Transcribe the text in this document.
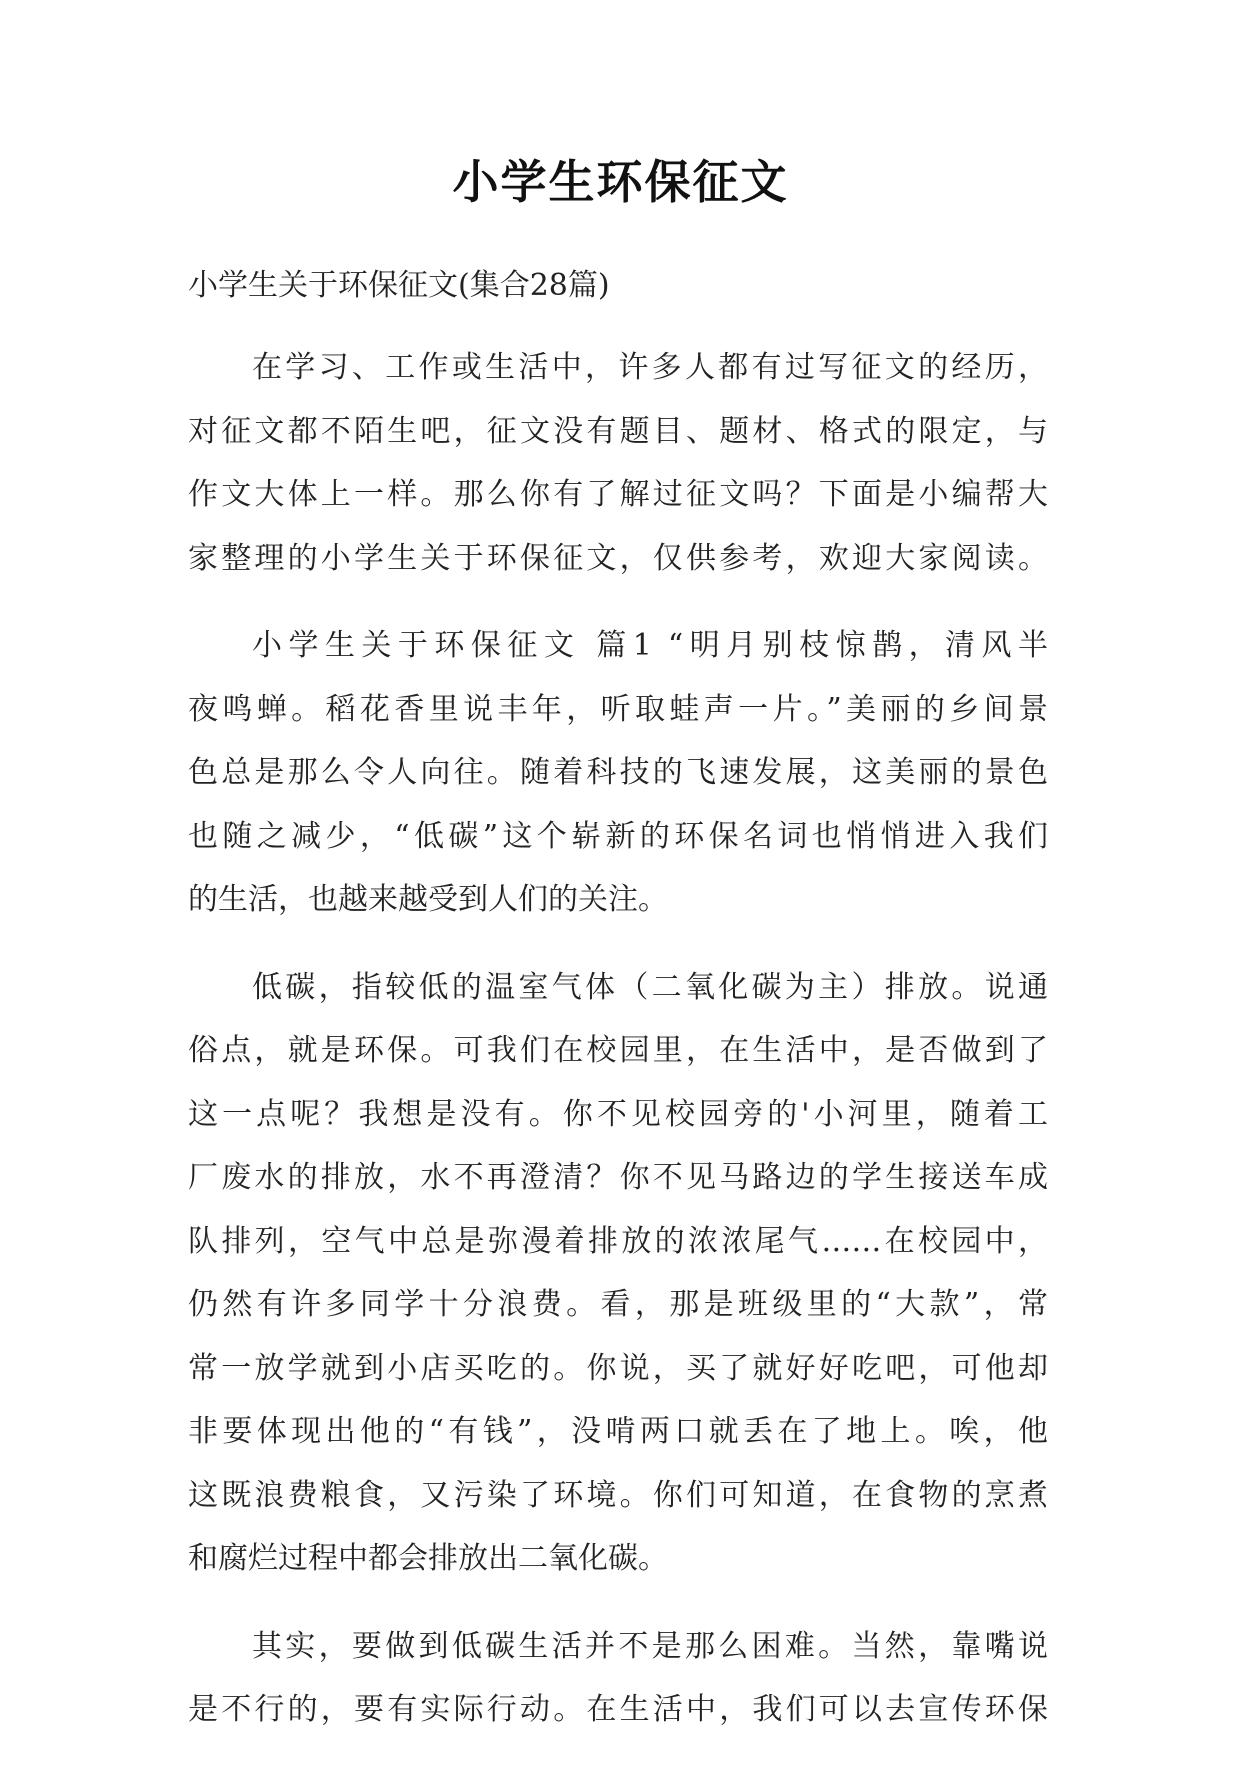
小学生环保征文
小学生关于环保征文(集合28篇)

在学习、工作或生活中，许多人都有过写征文的经历，
对征文都不陌生吧，征文没有题目、题材、格式的限定，与
作文大体上一样。那么你有了解过征文吗？下面是小编帮大
家整理的小学生关于环保征文，仅供参考，欢迎大家阅读。

小学生关于环保征文 篇1 “明月别枝惊鹊，清风半
夜鸣蝉。稻花香里说丰年，听取蛙声一片。”美丽的乡间景
色总是那么令人向往。随着科技的飞速发展，这美丽的景色
也随之减少，“低碳”这个崭新的环保名词也悄悄进入我们
的生活，也越来越受到人们的关注。

低碳，指较低的温室气体（二氧化碳为主）排放。说通
俗点，就是环保。可我们在校园里，在生活中，是否做到了
这一点呢？我想是没有。你不见校园旁的'小河里，随着工
厂废水的排放，水不再澄清？你不见马路边的学生接送车成
队排列，空气中总是弥漫着排放的浓浓尾气……在校园中，
仍然有许多同学十分浪费。看，那是班级里的“大款”，常
常一放学就到小店买吃的。你说，买了就好好吃吧，可他却
非要体现出他的“有钱”，没啃两口就丢在了地上。唉，他
这既浪费粮食，又污染了环境。你们可知道，在食物的烹煮
和腐烂过程中都会排放出二氧化碳。

其实，要做到低碳生活并不是那么困难。当然，靠嘴说
是不行的，要有实际行动。在生活中，我们可以去宣传环保
